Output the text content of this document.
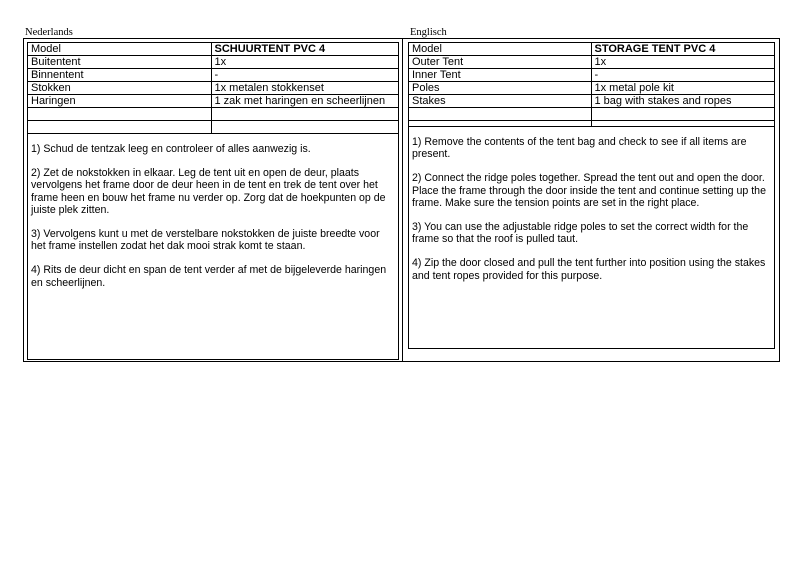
Nederlands	Englisch
Model	SCHUURTENT PVC 4
Buitentent	1x
Binnentent	-
Stokken	1x metalen stokkenset
Haringen	1 zak met haringen en scheerlijnen

1) Schud de tentzak leeg en controleer of alles aanwezig is.

2) Zet de nokstokken in elkaar. Leg de tent uit en open de deur, plaats vervolgens het frame door de deur heen in de tent en trek de tent over het frame heen en bouw het frame nu verder op. Zorg dat de hoekpunten op de juiste plek zitten.

3) Vervolgens kunt u met de verstelbare nokstokken de juiste breedte voor het frame instellen zodat het dak mooi strak komt te staan.

4) Rits de deur dicht en span de tent verder af met de bijgeleverde haringen en scheerlijnen.

Model	STORAGE TENT PVC 4
Outer Tent	1x
Inner Tent	-
Poles	1x metal pole kit
Stakes	1 bag with stakes and ropes

1) Remove the contents of the tent bag and check to see if all items are present.

2) Connect the ridge poles together. Spread the tent out and open the door. Place the frame through the door inside the tent and continue setting up the frame. Make sure the tension points are set in the right place.

3) You can use the adjustable ridge poles to set the correct width for the frame so that the roof is pulled taut.

4) Zip the door closed and pull the tent further into position using the stakes and tent ropes provided for this purpose.
